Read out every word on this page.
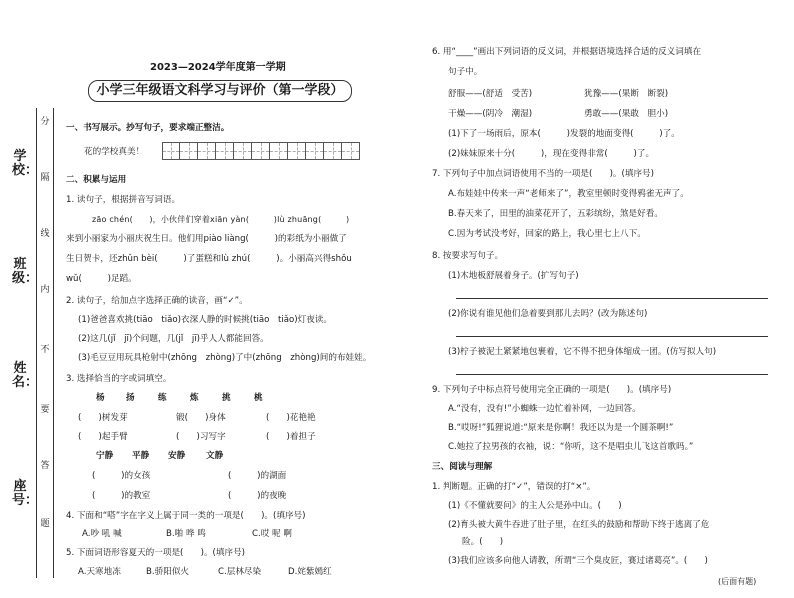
学校：
班级：
姓名：
座号：
分
隔
线
内
不
要
答
题
2023—2024学年度第一学期
小学三年级语文科学习与评价（第一学段）
一、书写展示。抄写句子，要求端正整洁。
花的学校真美！
二、积累与运用
1. 读句子，根据拼音写词语。
zāo chén(　　)，小伙伴们穿着xiān yàn(　　　)lù zhuāng(　　　)
来到小丽家为小丽庆祝生日。他们用piào liàng(　　　)的彩纸为小丽做了
生日贺卡，还zhǔn bèi(　　　)了蛋糕和lù zhú(　　　)。小丽高兴得shǒu
wǔ(　　　)足蹈。
2. 读句子，给加点字选择正确的读音，画“✓”。
(1)爸爸喜欢挑(tiāo　tiǎo)衣深人静的时候挑(tiāo　tiǎo)灯夜读。
(2)这几(jǐ　jī)个问题，几(jǐ　jī)乎人人都能回答。
(3)毛豆豆用玩具枪射中(zhōng　zhòng)了中(zhōng　zhòng)间的布娃娃。
3. 选择恰当的字或词填空。
杨 扬	练	炼	挑	桃
(　　)树发芽	锻(　　)身体	(　　)花艳艳
(　　)起手臂	(　　)习写字	(　　)着担子
宁静 平静 安静 文静
(　　　)的女孩	(　　　)的湖面
(　　　)的教室	(　　　)的夜晚
4. 下面和“嗒”字在字义上属于同一类的一项是(　　)。(填序号)
A.吵 吼 喊	B.啪 哗 鸣	C.哎 呢 啊
5. 下面词语形容夏天的一项是(　　)。(填序号)
A.天寒地冻	B.骄阳似火	C.层林尽染	D.姹紫嫣红
6. 用“____”画出下列词语的反义词，并根据语境选择合适的反义词填在
句子中。
舒服——(舒适　受苦)	犹豫——(果断　断裂)
干燥——(阴冷　潮湿)	勇敢——(果敢　胆小)
(1)下了一场雨后，原本(　　　)发裂的地面变得(　　　)了。
(2)妹妹原来十分(　　　)，现在变得非常(　　　)了。
7. 下列句子中加点词语使用不当的一项是(　　)。(填序号)
A.布娃娃中传来一声“老师来了”，教室里顿时变得鸦雀无声了。
B.春天来了，田里的油菜花开了，五彩缤纷，煞是好看。
C.因为考试没考好，回家的路上，我心里七上八下。
8. 按要求写句子。
(1)木地板舒展着身子。(扩写句子)
(2)你说有谁见他们急着要到那儿去吗？(改为陈述句)
(3)柠子被泥土紧紧地包裹着，它不得不把身体缩成一团。(仿写拟人句)
9. 下列句子中标点符号使用完全正确的一项是(　　)。(填序号)
A.“没有，没有!”小蜘蛛一边忙着补网，一边回答。
B.“哎呀!”狐狸说道:“原来是你啊！我还以为是一个圆茶啊!”
C.她拉了拉男孩的衣袖，说：“你听，这不是唱虫儿飞这首歌吗。”
三、阅读与理解
1. 判断题。正确的打“✓”，错误的打“×”。
(1)《不懂就要问》的主人公是孙中山。(　　)
(2)育头被大黄牛吞进了肚子里，在红头的鼓励和帮助下终于逃离了危
险。(　　)
(3)我们应该多向他人请教，所谓“三个臭皮匠，赛过诸葛亮”。(　　)
(后面有题)
